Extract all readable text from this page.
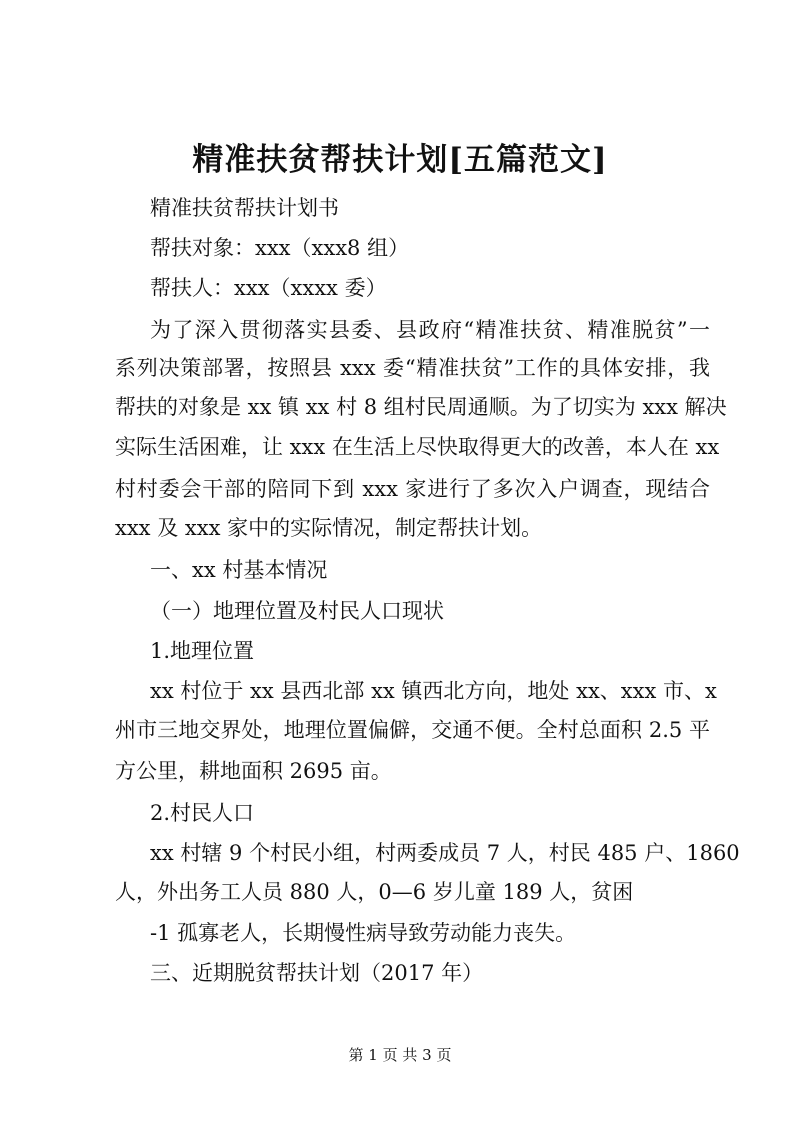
精准扶贫帮扶计划[五篇范文]
精准扶贫帮扶计划书
帮扶对象：xxx（xxx8 组）
帮扶人：xxx（xxxx 委）
为了深入贯彻落实县委、县政府“精准扶贫、精准脱贫”一
系列决策部署，按照县 xxx 委“精准扶贫”工作的具体安排，我
帮扶的对象是 xx 镇 xx 村 8 组村民周通顺。为了切实为 xxx 解决
实际生活困难，让 xxx 在生活上尽快取得更大的改善，本人在 xx
村村委会干部的陪同下到 xxx 家进行了多次入户调查，现结合
xxx 及 xxx 家中的实际情况，制定帮扶计划。
一、xx 村基本情况
（一）地理位置及村民人口现状
1.地理位置
xx 村位于 xx 县西北部 xx 镇西北方向，地处 xx、xxx 市、x
州市三地交界处，地理位置偏僻，交通不便。全村总面积 2.5 平
方公里，耕地面积 2695 亩。
2.村民人口
xx 村辖 9 个村民小组，村两委成员 7 人，村民 485 户、1860
人，外出务工人员 880 人，0—6 岁儿童 189 人，贫困
-1 孤寡老人，长期慢性病导致劳动能力丧失。
三、近期脱贫帮扶计划（2017 年）
第 1 页 共 3 页
